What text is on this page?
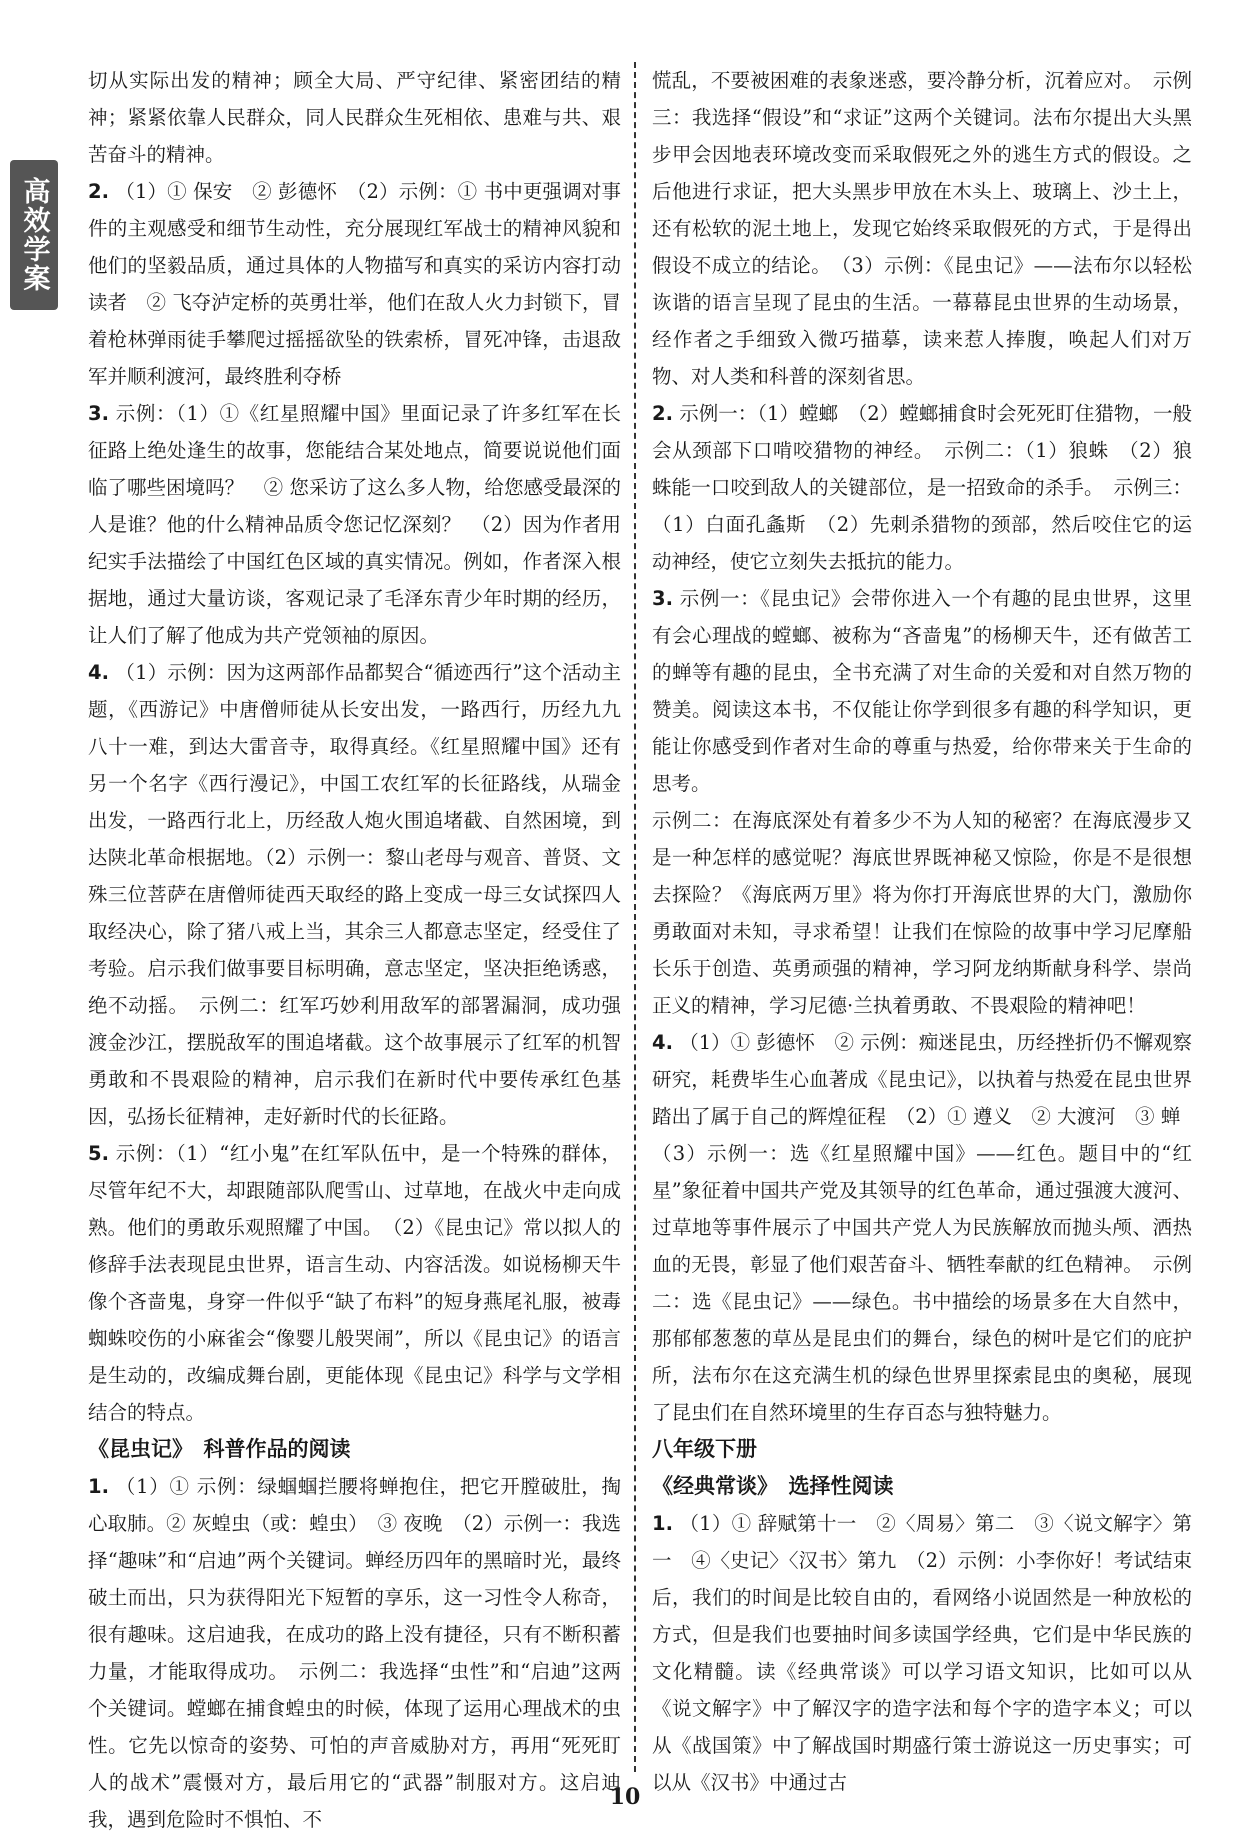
高效学案

切从实际出发的精神；顾全大局、严守纪律、紧密团结的精神；紧紧依靠人民群众，同人民群众生死相依、患难与共、艰苦奋斗的精神。

2. （1）① 保安　② 彭德怀　（2）示例：① 书中更强调对事件的主观感受和细节生动性，充分展现红军战士的精神风貌和他们的坚毅品质，通过具体的人物描写和真实的采访内容打动读者　② 飞夺泸定桥的英勇壮举，他们在敌人火力封锁下，冒着枪林弹雨徒手攀爬过摇摇欲坠的铁索桥，冒死冲锋，击退敌军并顺利渡河，最终胜利夺桥

3. 示例：（1）①《红星照耀中国》里面记录了许多红军在长征路上绝处逢生的故事，您能结合某处地点，简要说说他们面临了哪些困境吗？　② 您采访了这么多人物，给您感受最深的人是谁？他的什么精神品质令您记忆深刻？　（2）因为作者用纪实手法描绘了中国红色区域的真实情况。例如，作者深入根据地，通过大量访谈，客观记录了毛泽东青少年时期的经历，让人们了解了他成为共产党领袖的原因。

4. （1）示例：因为这两部作品都契合“循迹西行”这个活动主题，《西游记》中唐僧师徒从长安出发，一路西行，历经九九八十一难，到达大雷音寺，取得真经。《红星照耀中国》还有另一个名字《西行漫记》，中国工农红军的长征路线，从瑞金出发，一路西行北上，历经敌人炮火围追堵截、自然困境，到达陕北革命根据地。（2）示例一：黎山老母与观音、普贤、文殊三位菩萨在唐僧师徒西天取经的路上变成一母三女试探四人取经决心，除了猪八戒上当，其余三人都意志坚定，经受住了考验。启示我们做事要目标明确，意志坚定，坚决拒绝诱惑，绝不动摇。　示例二：红军巧妙利用敌军的部署漏洞，成功强渡金沙江，摆脱敌军的围追堵截。这个故事展示了红军的机智勇敢和不畏艰险的精神，启示我们在新时代中要传承红色基因，弘扬长征精神，走好新时代的长征路。

5. 示例：（1）“红小鬼”在红军队伍中，是一个特殊的群体，尽管年纪不大，却跟随部队爬雪山、过草地，在战火中走向成熟。他们的勇敢乐观照耀了中国。　（2）《昆虫记》常以拟人的修辞手法表现昆虫世界，语言生动、内容活泼。如说杨柳天牛像个吝啬鬼，身穿一件似乎“缺了布料”的短身燕尾礼服，被毒蜘蛛咬伤的小麻雀会“像婴儿般哭闹”，所以《昆虫记》的语言是生动的，改编成舞台剧，更能体现《昆虫记》科学与文学相结合的特点。

《昆虫记》　科普作品的阅读

1. （1）① 示例：绿蝈蝈拦腰将蝉抱住，把它开膛破肚，掏心取肺。② 灰蝗虫（或：蝗虫）　③ 夜晚　（2）示例一：我选择“趣味”和“启迪”两个关键词。蝉经历四年的黑暗时光，最终破土而出，只为获得阳光下短暂的享乐，这一习性令人称奇，很有趣味。这启迪我，在成功的路上没有捷径，只有不断积蓄力量，才能取得成功。　示例二：我选择“虫性”和“启迪”这两个关键词。螳螂在捕食蝗虫的时候，体现了运用心理战术的虫性。它先以惊奇的姿势、可怕的声音威胁对方，再用“死死盯人的战术”震慑对方，最后用它的“武器”制服对方。这启迪我，遇到危险时不惧怕、不

慌乱，不要被困难的表象迷惑，要冷静分析，沉着应对。　示例三：我选择“假设”和“求证”这两个关键词。法布尔提出大头黑步甲会因地表环境改变而采取假死之外的逃生方式的假设。之后他进行求证，把大头黑步甲放在木头上、玻璃上、沙土上，还有松软的泥土地上，发现它始终采取假死的方式，于是得出假设不成立的结论。　（3）示例：《昆虫记》——法布尔以轻松诙谐的语言呈现了昆虫的生活。一幕幕昆虫世界的生动场景，经作者之手细致入微巧描摹，读来惹人捧腹，唤起人们对万物、对人类和科普的深刻省思。

2. 示例一：（1）螳螂　（2）螳螂捕食时会死死盯住猎物，一般会从颈部下口啃咬猎物的神经。　示例二：（1）狼蛛　（2）狼蛛能一口咬到敌人的关键部位，是一招致命的杀手。　示例三：（1）白面孔螽斯　（2）先刺杀猎物的颈部，然后咬住它的运动神经，使它立刻失去抵抗的能力。

3. 示例一：《昆虫记》会带你进入一个有趣的昆虫世界，这里有会心理战的螳螂、被称为“吝啬鬼”的杨柳天牛，还有做苦工的蝉等有趣的昆虫，全书充满了对生命的关爱和对自然万物的赞美。阅读这本书，不仅能让你学到很多有趣的科学知识，更能让你感受到作者对生命的尊重与热爱，给你带来关于生命的思考。

示例二：在海底深处有着多少不为人知的秘密？在海底漫步又是一种怎样的感觉呢？海底世界既神秘又惊险，你是不是很想去探险？《海底两万里》将为你打开海底世界的大门，激励你勇敢面对未知，寻求希望！让我们在惊险的故事中学习尼摩船长乐于创造、英勇顽强的精神，学习阿龙纳斯献身科学、崇尚正义的精神，学习尼德·兰执着勇敢、不畏艰险的精神吧！

4. （1）① 彭德怀　② 示例：痴迷昆虫，历经挫折仍不懈观察研究，耗费毕生心血著成《昆虫记》，以执着与热爱在昆虫世界踏出了属于自己的辉煌征程　（2）① 遵义　② 大渡河　③ 蝉

（3）示例一：选《红星照耀中国》——红色。题目中的“红星”象征着中国共产党及其领导的红色革命，通过强渡大渡河、过草地等事件展示了中国共产党人为民族解放而抛头颅、洒热血的无畏，彰显了他们艰苦奋斗、牺牲奉献的红色精神。　示例二：选《昆虫记》——绿色。书中描绘的场景多在大自然中，那郁郁葱葱的草丛是昆虫们的舞台，绿色的树叶是它们的庇护所，法布尔在这充满生机的绿色世界里探索昆虫的奥秘，展现了昆虫们在自然环境里的生存百态与独特魅力。

八年级下册

《经典常谈》　选择性阅读

1. （1）① 辞赋第十一　②〈周易〉第二　③〈说文解字〉第一　④〈史记〉〈汉书〉第九　（2）示例：小李你好！考试结束后，我们的时间是比较自由的，看网络小说固然是一种放松的方式，但是我们也要抽时间多读国学经典，它们是中华民族的文化精髓。读《经典常谈》可以学习语文知识，比如可以从《说文解字》中了解汉字的造字法和每个字的造字本义；可以从《战国策》中了解战国时期盛行策士游说这一历史事实；可以从《汉书》中通过古

10
